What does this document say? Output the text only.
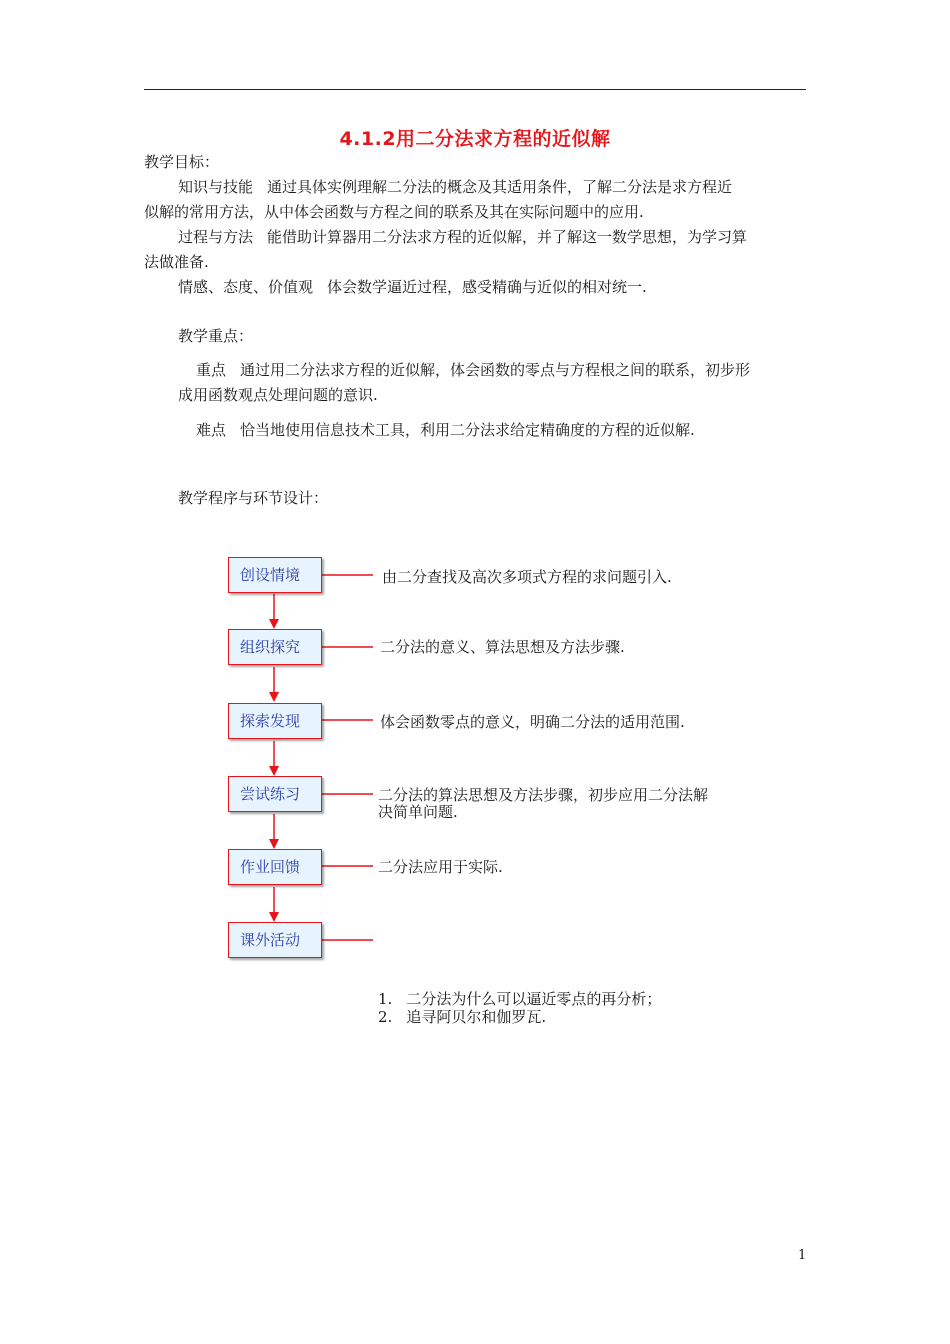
4.1.2用二分法求方程的近似解
教学目标：
知识与技能 通过具体实例理解二分法的概念及其适用条件，了解二分法是求方程近
似解的常用方法，从中体会函数与方程之间的联系及其在实际问题中的应用.
过程与方法 能借助计算器用二分法求方程的近似解，并了解这一数学思想，为学习算
法做准备.
情感、态度、价值观 体会数学逼近过程，感受精确与近似的相对统一.
教学重点：
重点 通过用二分法求方程的近似解，体会函数的零点与方程根之间的联系，初步形
成用函数观点处理问题的意识.
难点 恰当地使用信息技术工具，利用二分法求给定精确度的方程的近似解.
教学程序与环节设计：
创设情境
组织探究
探索发现
尝试练习
作业回馈
课外活动
由二分查找及高次多项式方程的求问题引入.
二分法的意义、算法思想及方法步骤.
体会函数零点的意义，明确二分法的适用范围.
二分法的算法思想及方法步骤，初步应用二分法解
决简单问题.
二分法应用于实际.
1. 二分法为什么可以逼近零点的再分析；
2. 追寻阿贝尔和伽罗瓦.
1
